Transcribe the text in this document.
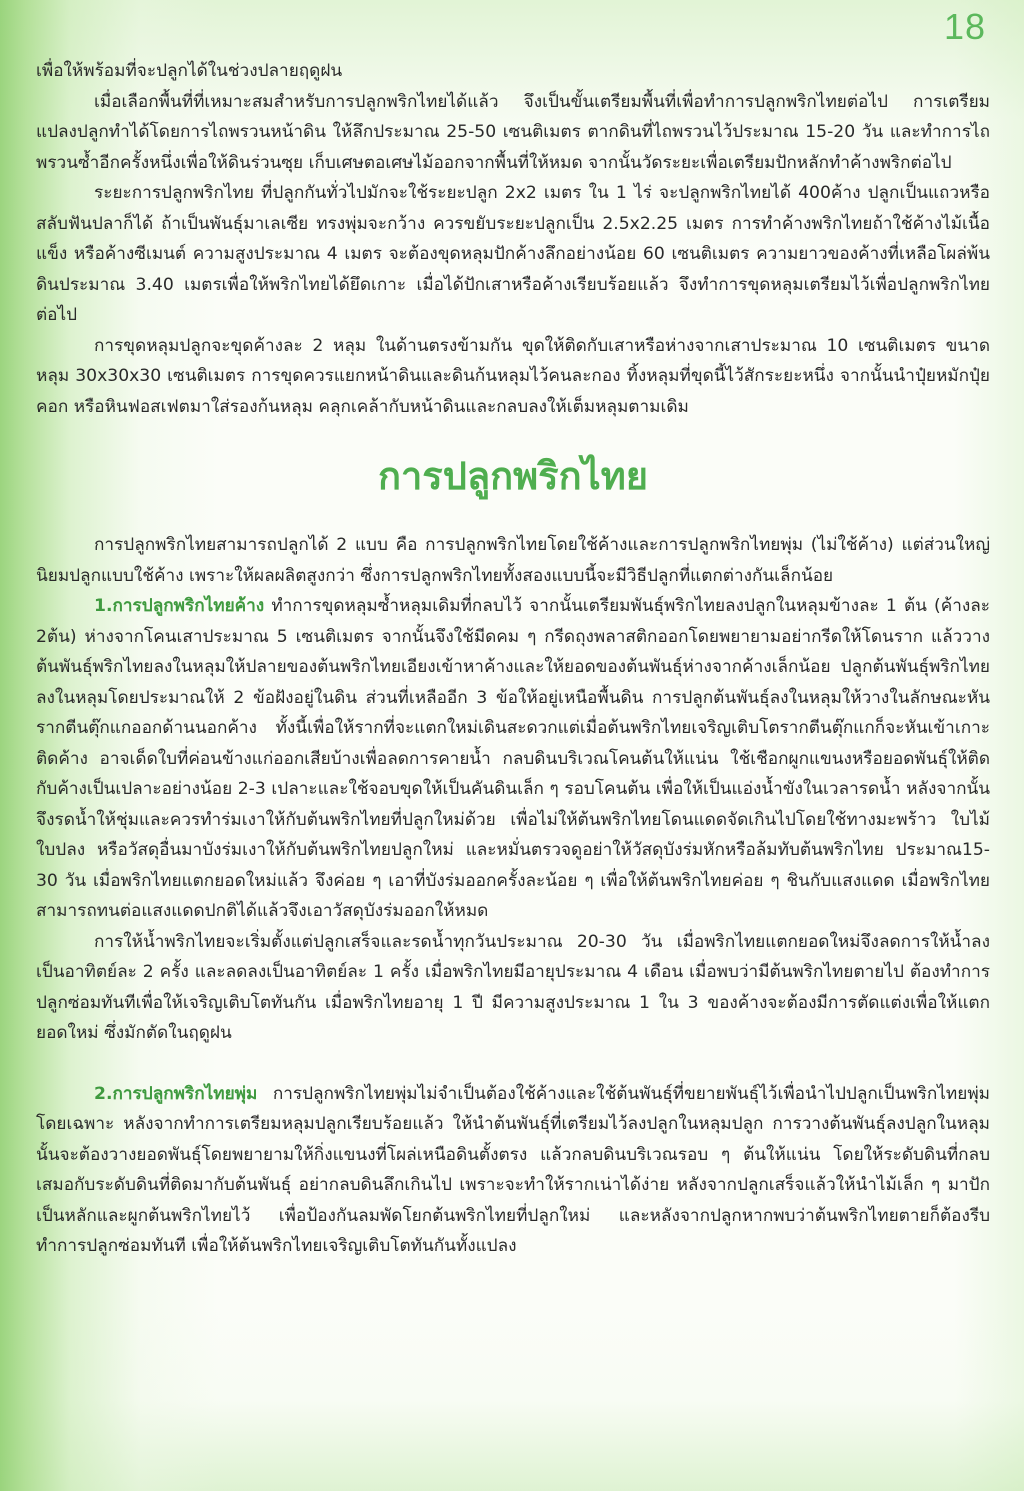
18

เพื่อให้พร้อมที่จะปลูกได้ในช่วงปลายฤดูฝน

เมื่อเลือกพื้นที่ที่เหมาะสมสำหรับการปลูกพริกไทยได้แล้ว จึงเป็นขั้นเตรียมพื้นที่เพื่อทำการปลูกพริกไทยต่อไป การเตรียมแปลงปลูกทำได้โดยการไถพรวนหน้าดิน ให้ลึกประมาณ 25-50 เซนติเมตร ตากดินที่ไถพรวนไว้ประมาณ 15-20 วัน และทำการไถพรวนซ้ำอีกครั้งหนึ่งเพื่อให้ดินร่วนซุย เก็บเศษตอเศษไม้ออกจากพื้นที่ให้หมด จากนั้นวัดระยะเพื่อเตรียมปักหลักทำค้างพริกต่อไป

ระยะการปลูกพริกไทย ที่ปลูกกันทั่วไปมักจะใช้ระยะปลูก 2x2 เมตร ใน 1 ไร่ จะปลูกพริกไทยได้ 400ค้าง ปลูกเป็นแถวหรือสลับฟันปลาก็ได้ ถ้าเป็นพันธุ์มาเลเซีย ทรงพุ่มจะกว้าง ควรขยับระยะปลูกเป็น 2.5x2.25 เมตร การทำค้างพริกไทยถ้าใช้ค้างไม้เนื้อแข็ง หรือค้างซีเมนต์ ความสูงประมาณ 4 เมตร จะต้องขุดหลุมปักค้างลึกอย่างน้อย 60 เซนติเมตร ความยาวของค้างที่เหลือโผล่พ้นดินประมาณ 3.40 เมตรเพื่อให้พริกไทยได้ยึดเกาะ เมื่อได้ปักเสาหรือค้างเรียบร้อยแล้ว จึงทำการขุดหลุมเตรียมไว้เพื่อปลูกพริกไทยต่อไป

การขุดหลุมปลูกจะขุดค้างละ 2 หลุม ในด้านตรงข้ามกัน ขุดให้ติดกับเสาหรือห่างจากเสาประมาณ 10 เซนติเมตร ขนาดหลุม 30x30x30 เซนติเมตร การขุดควรแยกหน้าดินและดินก้นหลุมไว้คนละกอง ทิ้งหลุมที่ขุดนี้ไว้สักระยะหนึ่ง จากนั้นนำปุ๋ยหมักปุ๋ยคอก หรือหินฟอสเฟตมาใส่รองก้นหลุม คลุกเคล้ากับหน้าดินและกลบลงให้เต็มหลุมตามเดิม

การปลูกพริกไทย

การปลูกพริกไทยสามารถปลูกได้ 2 แบบ คือ การปลูกพริกไทยโดยใช้ค้างและการปลูกพริกไทยพุ่ม (ไม่ใช้ค้าง) แต่ส่วนใหญ่นิยมปลูกแบบใช้ค้าง เพราะให้ผลผลิตสูงกว่า ซึ่งการปลูกพริกไทยทั้งสองแบบนี้จะมีวิธีปลูกที่แตกต่างกันเล็กน้อย

1.การปลูกพริกไทยค้าง ทำการขุดหลุมซ้ำหลุมเดิมที่กลบไว้ จากนั้นเตรียมพันธุ์พริกไทยลงปลูกในหลุมข้างละ 1 ต้น (ค้างละ 2ต้น) ห่างจากโคนเสาประมาณ 5 เซนติเมตร จากนั้นจึงใช้มีดคม ๆ กรีดถุงพลาสติกออกโดยพยายามอย่ากรีดให้โดนราก แล้ววางต้นพันธุ์พริกไทยลงในหลุมให้ปลายของต้นพริกไทยเอียงเข้าหาค้างและให้ยอดของต้นพันธุ์ห่างจากค้างเล็กน้อย ปลูกต้นพันธุ์พริกไทยลงในหลุมโดยประมาณให้ 2 ข้อฝังอยู่ในดิน ส่วนที่เหลืออีก 3 ข้อให้อยู่เหนือพื้นดิน การปลูกต้นพันธุ์ลงในหลุมให้วางในลักษณะหันรากตีนตุ๊กแกออกด้านนอกค้าง ทั้งนี้เพื่อให้รากที่จะแตกใหม่เดินสะดวกแต่เมื่อต้นพริกไทยเจริญเติบโตรากตีนตุ๊กแกก็จะหันเข้าเกาะติดค้าง อาจเด็ดใบที่ค่อนข้างแก่ออกเสียบ้างเพื่อลดการคายน้ำ กลบดินบริเวณโคนต้นให้แน่น ใช้เชือกผูกแขนงหรือยอดพันธุ์ให้ติดกับค้างเป็นเปลาะอย่างน้อย 2-3 เปลาะและใช้จอบขุดให้เป็นคันดินเล็ก ๆ รอบโคนต้น เพื่อให้เป็นแอ่งน้ำขังในเวลารดน้ำ หลังจากนั้นจึงรดน้ำให้ชุ่มและควรทำร่มเงาให้กับต้นพริกไทยที่ปลูกใหม่ด้วย เพื่อไม่ให้ต้นพริกไทยโดนแดดจัดเกินไปโดยใช้ทางมะพร้าว ใบไม้ ใบปลง หรือวัสดุอื่นมาบังร่มเงาให้กับต้นพริกไทยปลูกใหม่ และหมั่นตรวจดูอย่าให้วัสดุบังร่มหักหรือล้มทับต้นพริกไทย ประมาณ15-30 วัน เมื่อพริกไทยแตกยอดใหม่แล้ว จึงค่อย ๆ เอาที่บังร่มออกครั้งละน้อย ๆ เพื่อให้ต้นพริกไทยค่อย ๆ ชินกับแสงแดด เมื่อพริกไทยสามารถทนต่อแสงแดดปกติได้แล้วจึงเอาวัสดุบังร่มออกให้หมด

การให้น้ำพริกไทยจะเริ่มตั้งแต่ปลูกเสร็จและรดน้ำทุกวันประมาณ 20-30 วัน เมื่อพริกไทยแตกยอดใหม่จึงลดการให้น้ำลงเป็นอาทิตย์ละ 2 ครั้ง และลดลงเป็นอาทิตย์ละ 1 ครั้ง เมื่อพริกไทยมีอายุประมาณ 4 เดือน เมื่อพบว่ามีต้นพริกไทยตายไป ต้องทำการปลูกซ่อมทันทีเพื่อให้เจริญเติบโตทันกัน เมื่อพริกไทยอายุ 1 ปี มีความสูงประมาณ 1 ใน 3 ของค้างจะต้องมีการตัดแต่งเพื่อให้แตกยอดใหม่ ซึ่งมักตัดในฤดูฝน

2.การปลูกพริกไทยพุ่ม การปลูกพริกไทยพุ่มไม่จำเป็นต้องใช้ค้างและใช้ต้นพันธุ์ที่ขยายพันธุ์ไว้เพื่อนำไปปลูกเป็นพริกไทยพุ่มโดยเฉพาะ หลังจากทำการเตรียมหลุมปลูกเรียบร้อยแล้ว ให้นำต้นพันธุ์ที่เตรียมไว้ลงปลูกในหลุมปลูก การวางต้นพันธุ์ลงปลูกในหลุมนั้นจะต้องวางยอดพันธุ์โดยพยายามให้กิ่งแขนงที่โผล่เหนือดินตั้งตรง แล้วกลบดินบริเวณรอบ ๆ ต้นให้แน่น โดยให้ระดับดินที่กลบเสมอกับระดับดินที่ติดมากับต้นพันธุ์ อย่ากลบดินลึกเกินไป เพราะจะทำให้รากเน่าได้ง่าย หลังจากปลูกเสร็จแล้วให้นำไม้เล็ก ๆ มาปักเป็นหลักและผูกต้นพริกไทยไว้ เพื่อป้องกันลมพัดโยกต้นพริกไทยที่ปลูกใหม่ และหลังจากปลูกหากพบว่าต้นพริกไทยตายก็ต้องรีบทำการปลูกซ่อมทันที เพื่อให้ต้นพริกไทยเจริญเติบโตทันกันทั้งแปลง
